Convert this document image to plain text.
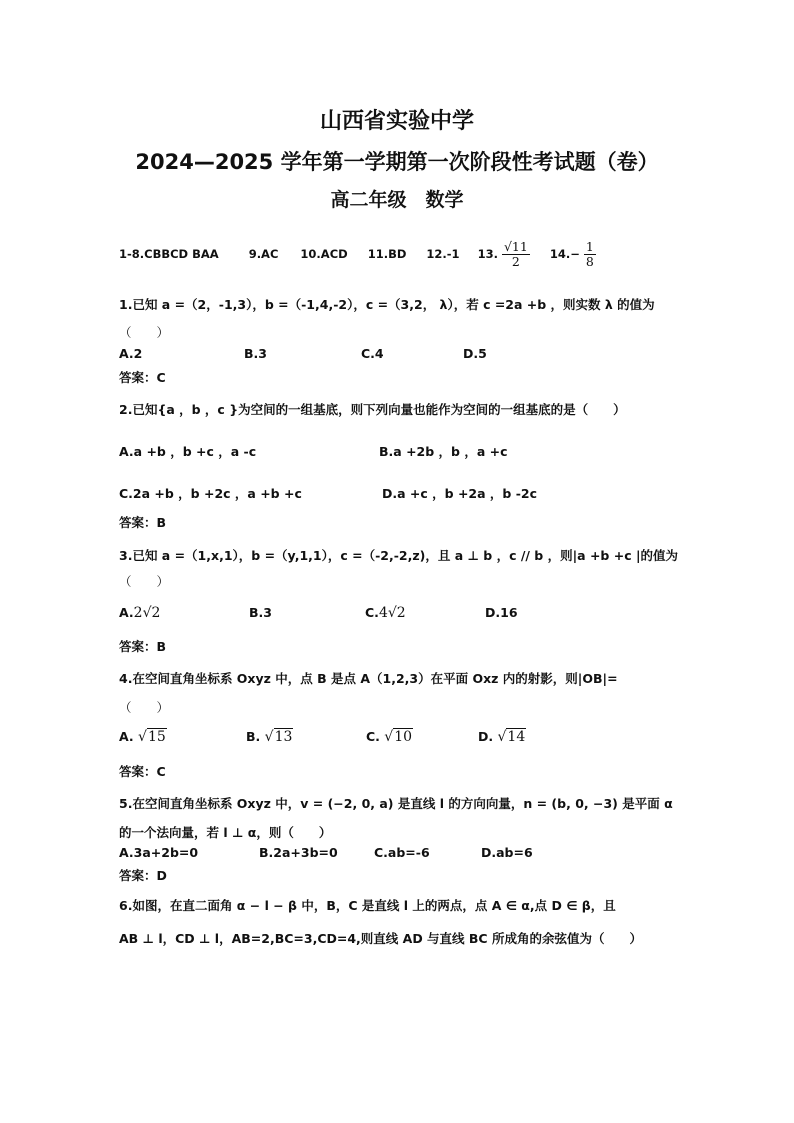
山西省实验中学
2024—2025 学年第一学期第一次阶段性考试题（卷）
高二年级　数学
1-8.CBBCD BAA	9.AC 10.ACD 11.BD 12.-1 13. $\frac{√11}{2} 14.- \frac{1}{8}$
1.已知 a =（2，-1,3），b =（-1,4,-2），c =（3,2， λ），若 c =2a +b ，则实数 λ 的值为
（　　）
A.2	B.3	C.4	D.5
答案：C
2.已知{a ，b ，c }为空间的一组基底，则下列向量也能作为空间的一组基底的是（　　）
A.a +b ，b +c ，a -c	B.a +2b ，b ，a +c
C.2a +b ，b +2c ，a +b +c	D.a +c ，b +2a ，b -2c
答案：B
3.已知 a =（1,x,1），b =（y,1,1），c =（-2,-2,z)，且 a ⊥ b ，c // b ，则|a +b +c |的值为
（　　）
A.2√2	B.3	C.4√2	D.16
答案：B
4.在空间直角坐标系 Oxyz 中，点 B 是点 A（1,2,3）在平面 Oxz 内的射影，则|OB|=
（　　）
A. √15	B. √13	C. √10	D. √14
答案：C
5.在空间直角坐标系 Oxyz 中，v = (−2, 0, a) 是直线 l 的方向向量，n = (b, 0, −3) 是平面 α
的一个法向量，若 l ⊥ α，则（　　）
A.3a+2b=0	B.2a+3b=0	C.ab=-6	D.ab=6
答案：D
6.如图，在直二面角 α − l − β 中，B，C 是直线 l 上的两点，点 A ∈ α,点 D ∈ β，且
AB ⊥ l，CD ⊥ l，AB=2,BC=3,CD=4,则直线 AD 与直线 BC 所成角的余弦值为（　　）
